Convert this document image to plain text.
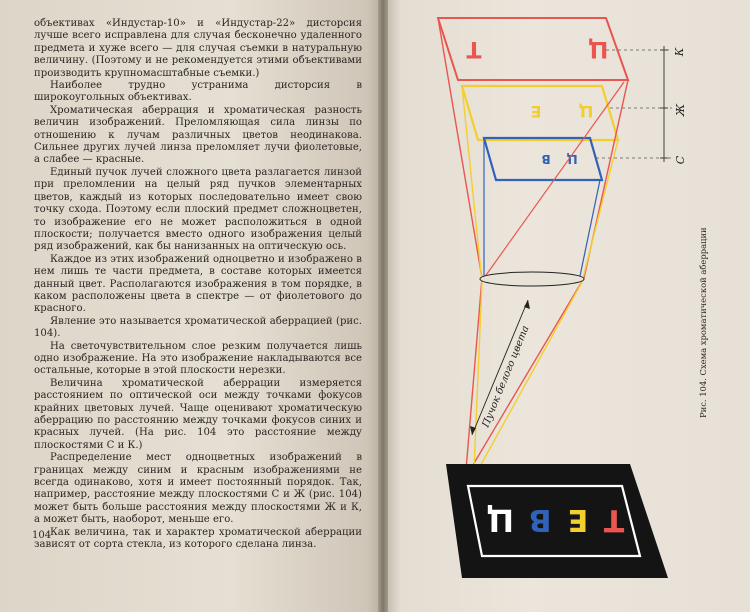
объективах «Индустар-10» и «Индустар-22» дисторсия лучше всего исправлена для случая бесконечно удаленного предмета и хуже всего — для случая съемки в натуральную величину. (Поэтому и не рекомендуется этими объективами производить крупномасштабные съемки.)

Наиболее трудно устранима дисторсия в широкоугольных объективах.

Хроматическая аберрация и хроматическая разность величин изображений. Преломляющая сила линзы по отношению к лучам различных цветов неодинакова. Сильнее других лучей линза преломляет лучи фиолетовые, а слабее — красные.

Единый пучок лучей сложного цвета разлагается линзой при преломлении на целый ряд пучков элементарных цветов, каждый из которых последовательно имеет свою точку схода. Поэтому если плоский предмет сложноцветен, то изображение его не может расположиться в одной плоскости; получается вместо одного изображения целый ряд изображений, как бы нанизанных на оптическую ось.

Каждое из этих изображений одноцветно и изображено в нем лишь те части предмета, в составе которых имеется данный цвет. Располагаются изображения в том порядке, в каком расположены цвета в спектре — от фиолетового до красного.

Явление это называется хроматической аберрацией (рис. 104).

На светочувствительном слое резким получается лишь одно изображение. На это изображение накладываются все остальные, которые в этой плоскости нерезки.

Величина хроматической аберрации измеряется расстоянием по оптической оси между точками фокусов крайних цветовых лучей. Чаще оценивают хроматическую аберрацию по расстоянию между точками фокусов синих и красных лучей. (На рис. 104 это расстояние между плоскостями С и К.)

Распределение мест одноцветных изображений в границах между синим и красным изображениями не всегда одинаково, хотя и имеет постоянный порядок. Так, например, расстояние между плоскостями С и Ж (рис. 104) может быть больше расстояния между плоскостями Ж и К, а может быть, наоборот, меньше его.

Как величина, так и характер хроматической аберрации зависят от сорта стекла, из которого сделана линза.

104
Ц
Т
Ц
Е
Ц
В
К
Ж
С
Пучок белого цвета
Ц В Е Т
Рис. 104. Схема хроматической аберрации
